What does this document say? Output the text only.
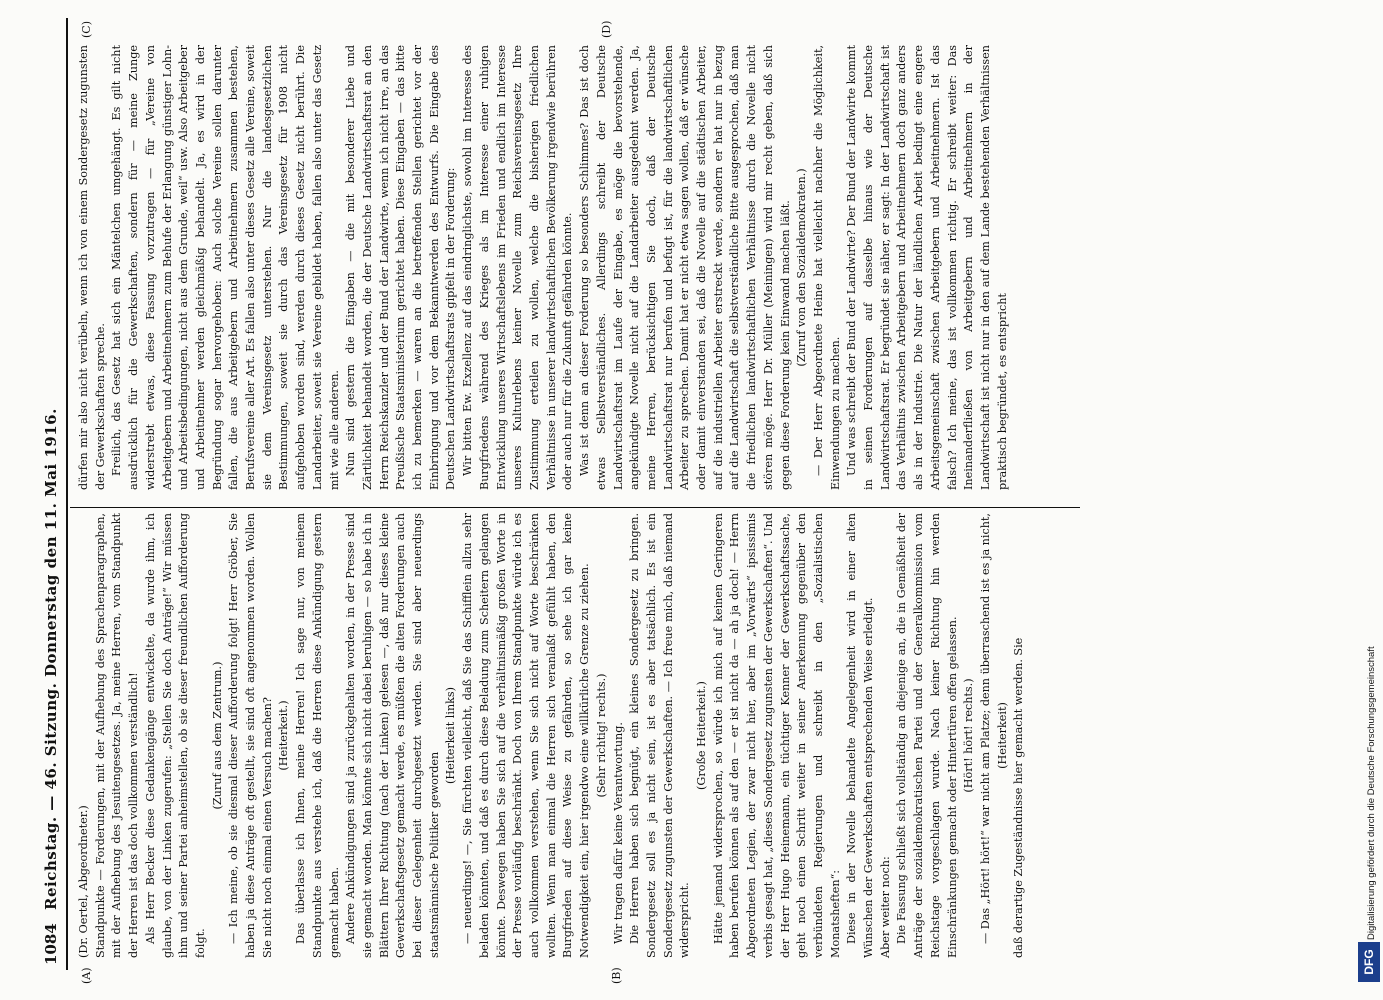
1084
Reichstag. — 46. Sitzung. Donnerstag den 11. Mai 1916.
(A)	(B)
(C)	(D)

(Dr. Oertel, Abgeordneter.) Standpunkte — Forderungen, mit der Aufhebung des Sprachenparagraphen, mit der Aufhebung des Jesuitengesetzes. Ja, meine Herren, vom Standpunkt der Herren ist das doch vollkommen verständlich! Als Herr Becker diese Gedankengänge entwickelte, da wurde ihm, ich glaube, von der Linken zugerufen: „Stellen Sie doch Anträge!“ Wir müssen ihm und seiner Partei anheimstellen, ob sie dieser freundlichen Aufforderung folgt.

(Zuruf aus dem Zentrum.) — Ich meine, ob sie diesmal dieser Aufforderung folgt! Herr Gröber, Sie haben ja diese Anträge oft gestellt, sie sind oft angenommen worden. Wollen Sie nicht noch einmal einen Versuch machen? (Heiterkeit.) Das überlasse ich Ihnen, meine Herren! Ich sage nur, von meinem Standpunkte aus verstehe ich, daß die Herren diese Ankündigung gestern gemacht haben. Andere Ankündigungen sind ja zurückgehalten worden, in der Presse sind sie gemacht worden. Man könnte sich nicht dabei beruhigen — so habe ich in Blättern Ihrer Richtung (nach der Linken) gelesen —, daß nur dieses kleine Gewerkschaftsgesetz gemacht werde, es müßten die alten Forderungen auch bei dieser Gelegenheit durchgesetzt werden. Sie sind aber neuerdings staatsmännische Politiker geworden

(Heiterkeit links) — neuerdings! —, Sie fürchten vielleicht, daß Sie das Schifflein allzu sehr beladen könnten, und daß es durch diese Beladung zum Scheitern gelangen könnte. Deswegen haben Sie sich auf die verhältnismäßig großen Worte in der Presse vorläufig beschränkt. Doch von Ihrem Standpunkte würde ich es auch vollkommen verstehen, wenn Sie sich nicht auf Worte beschränken wollten. Wenn man einmal die Herren sich veranlaßt gefühlt haben, den Burgfrieden auf diese Weise zu gefährden, so sehe ich gar keine Notwendigkeit ein, hier irgendwo eine willkürliche Grenze zu ziehen. (Sehr richtig! rechts.) Wir tragen dafür keine Verantwortung. Die Herren haben sich begnügt, ein kleines Sondergesetz zu bringen. Sondergesetz soll es ja nicht sein, ist es aber tatsächlich. Es ist ein Sondergesetz zugunsten der Gewerkschaften. — Ich freue mich, daß niemand widerspricht.

(Große Heiterkeit.) Hätte jemand widersprochen, so würde ich mich auf keinen Geringeren haben berufen können als auf den — er ist nicht da — ah ja doch! — Herrn Abgeordneten Legien, der zwar nicht hier, aber im „Vorwärts“ ipsissimis verbis gesagt hat, „dieses Sondergesetz zugunsten der Gewerkschaften“. Und der Herr Hugo Heinemann, ein tüchtiger Kenner der Gewerkschaftssache, geht noch einen Schritt weiter in seiner Anerkennung gegenüber den verbündeten Regierungen und schreibt in den „Sozialistischen Monatsheften“: Diese in der Novelle behandelte Angelegenheit wird in einer alten Wünschen der Gewerkschaften entsprechenden Weise erledigt. Aber weiter noch: Die Fassung schließt sich vollständig an diejenige an, die in Gemäßheit der Anträge der sozialdemokratischen Partei und der Generalkommission vom Reichstage vorgeschlagen wurde. Nach keiner Richtung hin werden Einschränkungen gemacht oder Hintertüren offen gelassen. (Hört! hört! rechts.) — Das „Hört! hört!“ war nicht am Platze; denn überraschend ist es ja nicht, (Heiterkeit) daß derartige Zugeständnisse hier gemacht werden. Sie

dürfen mir also nicht verübeln, wenn ich von einem Sondergesetz zugunsten der Gewerkschaften spreche. Freilich, das Gesetz hat sich ein Mäntelchen umgehängt. Es gilt nicht ausdrücklich für die Gewerkschaften, sondern für — meine Zunge widerstrebt etwas, diese Fassung vorzutragen — für „Vereine von Arbeitgebern und Arbeitnehmern zum Behufe der Erlangung günstiger Lohn- und Arbeitsbedingungen, nicht aus dem Grunde, weil“ usw. Also Arbeitgeber und Arbeitnehmer werden gleichmäßig behandelt. Ja, es wird in der Begründung sogar hervorgehoben: Auch solche Vereine sollen darunter fallen, die aus Arbeitgebern und Arbeitnehmern zusammen bestehen, Berufsvereine aller Art. Es fallen also unter dieses Gesetz alle Vereine, soweit sie dem Vereinsgesetz unterstehen. Nur die landesgesetzlichen Bestimmungen, soweit sie durch das Vereinsgesetz für 1908 nicht aufgehoben worden sind, werden durch dieses Gesetz nicht berührt. Die Landarbeiter, soweit sie Vereine gebildet haben, fallen also unter das Gesetz mit wie alle anderen. Nun sind gestern die Eingaben — die mit besonderer Liebe und Zärtlichkeit behandelt worden, die der Deutsche Landwirtschaftsrat an den Herrn Reichskanzler und der Bund der Landwirte, wenn ich nicht irre, an das Preußische Staatsministerium gerichtet haben. Diese Eingaben — das bitte ich zu bemerken — waren an die betreffenden Stellen gerichtet vor der Einbringung und vor dem Bekanntwerden des Entwurfs. Die Eingabe des Deutschen Landwirtschaftsrats gipfelt in der Forderung: Wir bitten Ew. Exzellenz auf das eindringlichste, sowohl im Interesse des Burgfriedens während des Krieges als im Interesse einer ruhigen Entwicklung unseres Wirtschaftslebens im Frieden und endlich im Interesse unseres Kulturlebens keiner Novelle zum Reichsvereinsgesetz Ihre Zustimmung erteilen zu wollen, welche die bisherigen friedlichen Verhältnisse in unserer landwirtschaftlichen Bevölkerung irgendwie berühren oder auch nur für die Zukunft gefährden könnte. Was ist denn an dieser Forderung so besonders Schlimmes? Das ist doch etwas Selbstverständliches. Allerdings schreibt der Deutsche Landwirtschaftsrat im Laufe der Eingabe, es möge die bevorstehende, angekündigte Novelle nicht auf die Landarbeiter ausgedehnt werden. Ja, meine Herren, berücksichtigen Sie doch, daß der Deutsche Landwirtschaftsrat nur berufen und befugt ist, für die landwirtschaftlichen Arbeiter zu sprechen. Damit hat er nicht etwa sagen wollen, daß er wünsche oder damit einverstanden sei, daß die Novelle auf die städtischen Arbeiter, auf die industriellen Arbeiter erstreckt werde, sondern er hat nur in bezug auf die Landwirtschaft die selbstverständliche Bitte ausgesprochen, daß man die friedlichen landwirtschaftlichen Verhältnisse durch die Novelle nicht stören möge. Herr Dr. Müller (Meiningen) wird mir recht geben, daß sich gegen diese Forderung kein Einwand machen läßt. (Zuruf von den Sozialdemokraten.) — Der Herr Abgeordnete Heine hat vielleicht nachher die Möglichkeit, Einwendungen zu machen. Und was schreibt der Bund der Landwirte? Der Bund der Landwirte kommt in seinen Forderungen auf dasselbe hinaus wie der Deutsche Landwirtschaftsrat. Er begründet sie näher, er sagt: In der Landwirtschaft ist das Verhältnis zwischen Arbeitgebern und Arbeitnehmern doch ganz anders als in der Industrie. Die Natur der ländlichen Arbeit bedingt eine engere Arbeitsgemeinschaft zwischen Arbeitgebern und Arbeitnehmern. Ist das falsch? Ich meine, das ist vollkommen richtig. Er schreibt weiter: Das Ineinanderfließen von Arbeitgebern und Arbeitnehmern in der Landwirtschaft ist nicht nur in den auf dem Lande bestehenden Verhältnissen praktisch begründet, es entspricht

DFG
Digitalisierung gefördert durch die Deutsche Forschungsgemeinschaft
